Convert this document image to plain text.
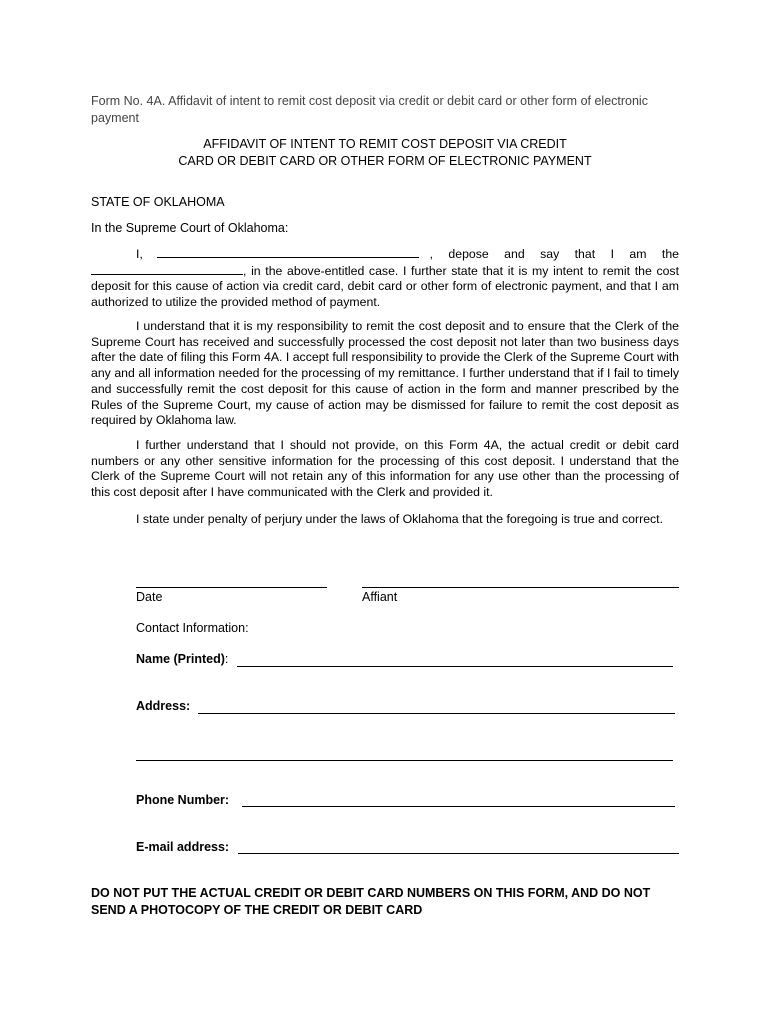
Form No. 4A. Affidavit of intent to remit cost deposit via credit or debit card or other form of electronic payment
AFFIDAVIT OF INTENT TO REMIT COST DEPOSIT VIA CREDIT
CARD OR DEBIT CARD OR OTHER FORM OF ELECTRONIC PAYMENT
STATE OF OKLAHOMA
In the Supreme Court of Oklahoma:
I,	, depose and say that I am the
, in the above-entitled case. I further state that it is my intent to remit the cost deposit for this cause of action via credit card, debit card or other form of electronic payment, and that I am authorized to utilize the provided method of payment.
I understand that it is my responsibility to remit the cost deposit and to ensure that the Clerk of the Supreme Court has received and successfully processed the cost deposit not later than two business days after the date of filing this Form 4A. I accept full responsibility to provide the Clerk of the Supreme Court with any and all information needed for the processing of my remittance. I further understand that if I fail to timely and successfully remit the cost deposit for this cause of action in the form and manner prescribed by the Rules of the Supreme Court, my cause of action may be dismissed for failure to remit the cost deposit as required by Oklahoma law.
I further understand that I should not provide, on this Form 4A, the actual credit or debit card numbers or any other sensitive information for the processing of this cost deposit. I understand that the Clerk of the Supreme Court will not retain any of this information for any use other than the processing of this cost deposit after I have communicated with the Clerk and provided it.
I state under penalty of perjury under the laws of Oklahoma that the foregoing is true and correct.
Date	Affiant
Contact Information:
Name (Printed):
Address:
Phone Number:
E-mail address:
DO NOT PUT THE ACTUAL CREDIT OR DEBIT CARD NUMBERS ON THIS FORM, AND DO NOT SEND A PHOTOCOPY OF THE CREDIT OR DEBIT CARD
